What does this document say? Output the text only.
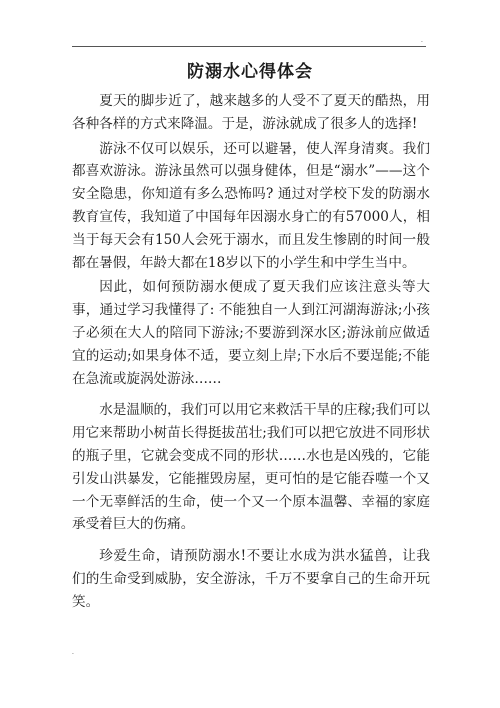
·
防溺水心得体会

夏天的脚步近了，越来越多的人受不了夏天的酷热，用各种各样的方式来降温。于是，游泳就成了很多人的选择!

游泳不仅可以娱乐，还可以避暑，使人浑身清爽。我们都喜欢游泳。游泳虽然可以强身健体，但是“溺水”——这个安全隐患，你知道有多么恐怖吗? 通过对学校下发的防溺水教育宣传，我知道了中国每年因溺水身亡的有57000人，相当于每天会有150人会死于溺水，而且发生惨剧的时间一般都在暑假，年龄大都在18岁以下的小学生和中学生当中。

因此，如何预防溺水便成了夏天我们应该注意头等大事，通过学习我懂得了: 不能独自一人到江河湖海游泳;小孩子必须在大人的陪同下游泳;不要游到深水区;游泳前应做适宜的运动;如果身体不适，要立刻上岸;下水后不要逞能;不能在急流或旋涡处游泳……

水是温顺的，我们可以用它来救活干旱的庄稼;我们可以用它来帮助小树苗长得挺拔茁壮;我们可以把它放进不同形状的瓶子里，它就会变成不同的形状……水也是凶残的，它能引发山洪暴发，它能摧毁房屋，更可怕的是它能吞噬一个又一个无辜鲜活的生命，使一个又一个原本温馨、幸福的家庭承受着巨大的伤痛。

珍爱生命，请预防溺水!不要让水成为洪水猛兽，让我们的生命受到威胁，安全游泳，千万不要拿自己的生命开玩笑。

·
